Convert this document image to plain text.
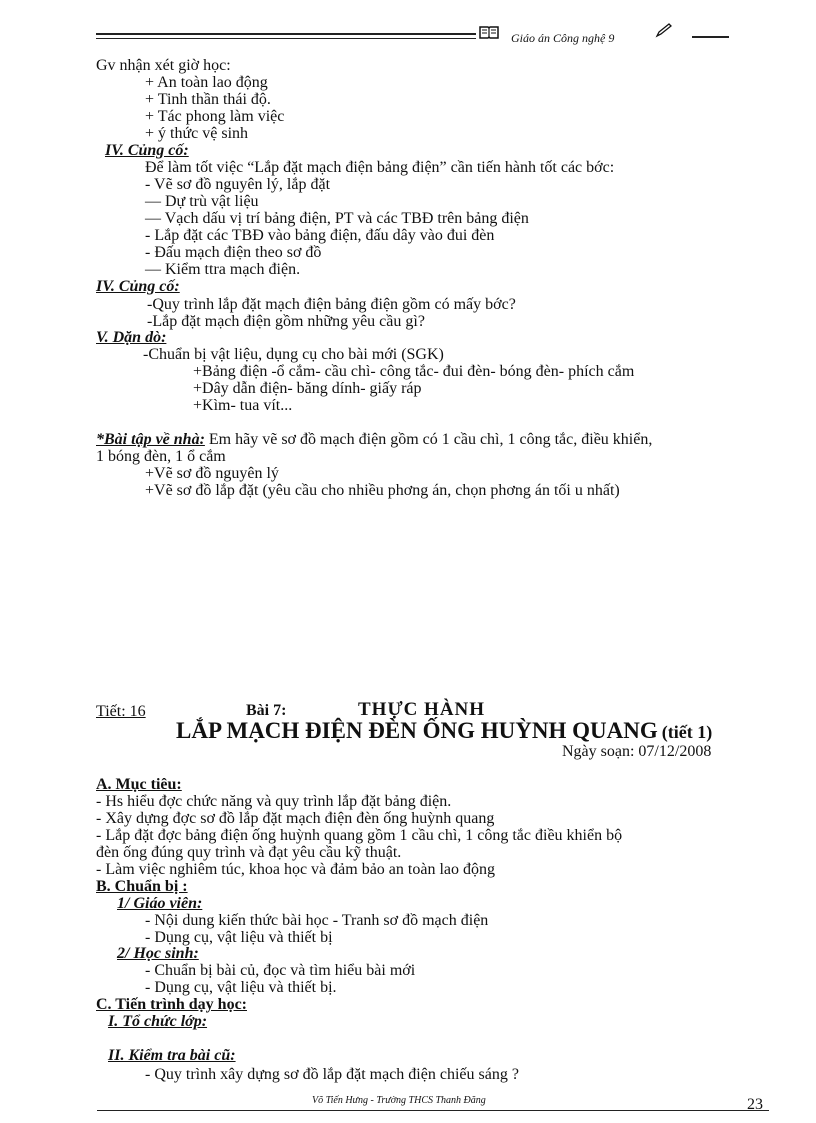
Giáo án Công nghệ 9
Gv nhận xét giờ học:
+ An toàn lao động
+ Tinh thần thái độ.
+ Tác phong làm việc
+ ý thức vệ sinh
IV. Củng cố:
Để làm tốt việc “Lắp đặt mạch điện bảng điện” cần tiến hành tốt các bớc:
- Vẽ sơ đồ nguyên lý, lắp đặt
— Dự trù vật liệu
— Vạch dấu vị trí bảng điện, PT và các TBĐ trên bảng điện
- Lắp đặt các TBĐ vào bảng điện, đấu dây vào đui đèn
- Đấu mạch điện theo sơ đồ
— Kiểm ttra mạch điện.
IV. Củng cố:
-Quy trình lắp đặt mạch điện bảng điện gồm có mấy bớc?
-Lắp đặt mạch điện gồm những yêu cầu gì?
V. Dặn dò:
-Chuẩn bị vật liệu, dụng cụ cho bài mới (SGK)
+Bảng điện -ổ cắm- cầu chì- công tắc- đui đèn- bóng đèn- phích cắm
+Dây dẫn điện- băng dính- giấy ráp
+Kìm- tua vít...
*Bài tập về nhà: Em hãy vẽ sơ đồ mạch điện gồm có 1 cầu chì, 1 công tắc, điều khiển,
1 bóng đèn, 1 ổ cắm
+Vẽ sơ đồ nguyên lý
+Vẽ sơ đồ lắp đặt (yêu cầu cho nhiều phơng án, chọn phơng án tối u nhất)
Tiết: 16	Bài 7:	THỰC HÀNH
LẮP MẠCH ĐIỆN ĐÈN ỐNG HUỲNH QUANG (tiết 1)
Ngày soạn: 07/12/2008
A. Mục tiêu:
- Hs hiểu đợc chức năng và quy trình lắp đặt bảng điện.
- Xây dựng đợc sơ đồ lắp đặt mạch điện đèn ống huỳnh quang
- Lắp đặt đợc bảng điện ống huỳnh quang gồm 1 cầu chì, 1 công tắc điều khiển bộ
đèn ống đúng quy trình và đạt yêu cầu kỹ thuật.
- Làm việc nghiêm túc, khoa học và đảm bảo an toàn lao động
B. Chuẩn bị :
1/ Giáo viên:
- Nội dung kiến thức bài học - Tranh sơ đồ mạch điện
- Dụng cụ, vật liệu và thiết bị
2/ Học sinh:
- Chuẩn bị bài củ, đọc và tìm hiểu bài mới
- Dụng cụ, vật liệu và thiết bị.
C. Tiến trình dạy học:
I. Tổ chức lớp:
II. Kiểm tra bài cũ:
- Quy trình xây dựng sơ đồ lắp đặt mạch điện chiếu sáng ?
Võ Tiến Hưng - Trường THCS Thanh Đăng	23
